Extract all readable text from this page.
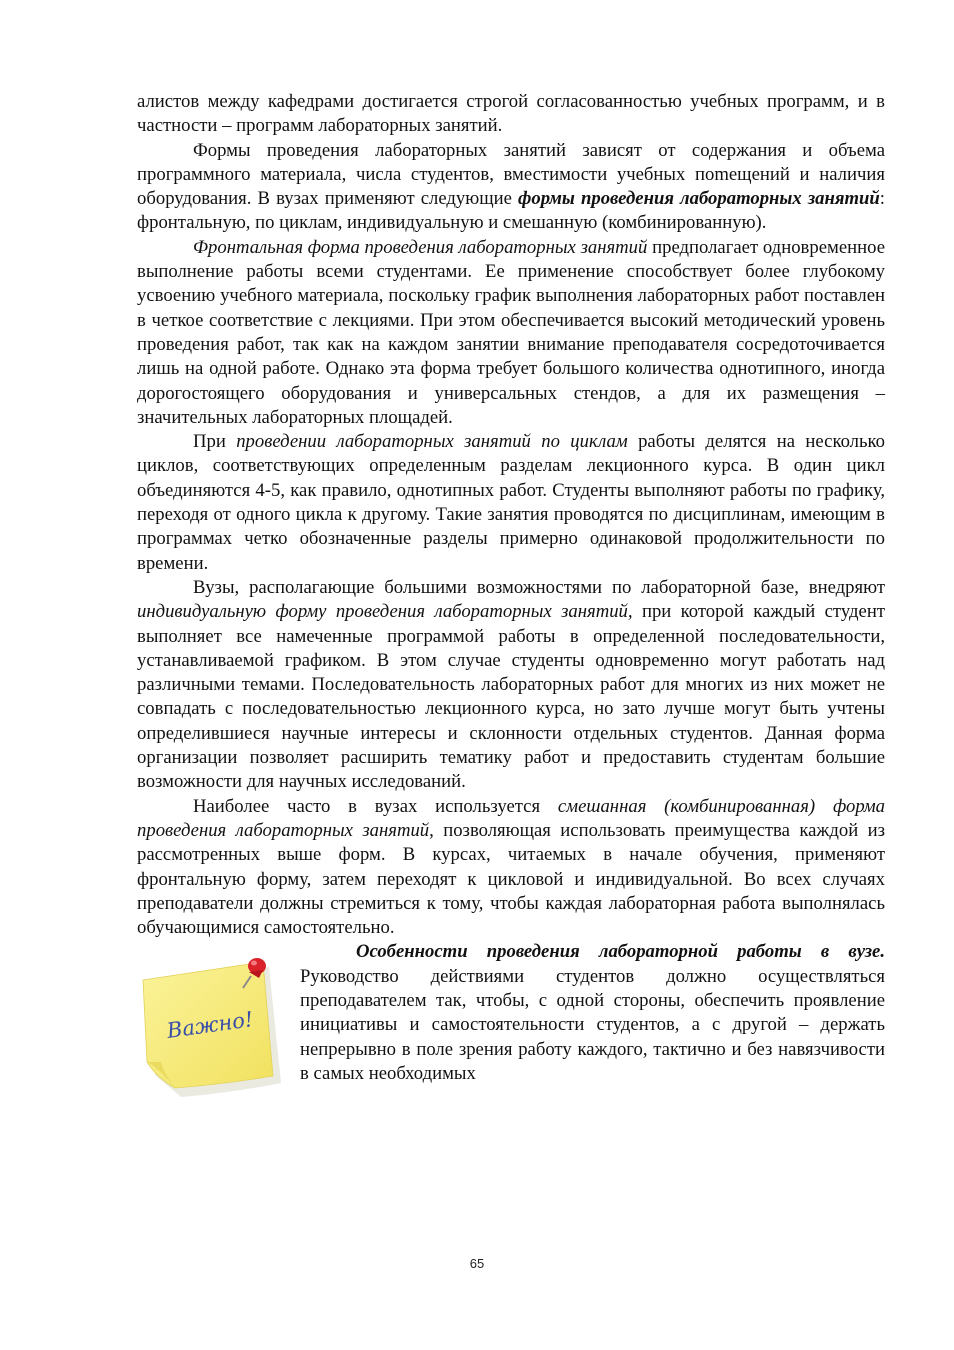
алистов между кафедрами достигается строгой согласованностью учебных программ, и в частности – программ лабораторных занятий.

Формы проведения лабораторных занятий зависят от содержания и объема программного материала, числа студентов, вместимости учебных поmещений и наличия оборудования. В вузах применяют следующие формы проведения лабораторных занятий: фронтальную, по циклам, индивидуальную и смешанную (комбинированную).

Фронтальная форма проведения лабораторных занятий предполагает одновременное выполнение работы всеми студентами. Ее применение способствует более глубокому усвоению учебного материала, поскольку график выполнения лабораторных работ поставлен в четкое соответствие с лекциями. При этом обеспечивается высокий методический уровень проведения работ, так как на каждом занятии внимание преподавателя сосредоточивается лишь на одной работе. Однако эта форма требует большого количества однотипного, иногда дорогостоящего оборудования и универсальных стендов, а для их размещения – значительных лабораторных площадей.

При проведении лабораторных занятий по циклам работы делятся на несколько циклов, соответствующих определенным разделам лекционного курса. В один цикл объединяются 4-5, как правило, однотипных работ. Студенты выполняют работы по графику, переходя от одного цикла к другому. Такие занятия проводятся по дисциплинам, имеющим в программах четко обозначенные разделы примерно одинаковой продолжительности по времени.

Вузы, располагающие большими возможностями по лабораторной базе, внедряют индивидуальную форму проведения лабораторных занятий, при которой каждый студент выполняет все намеченные программой работы в определенной последовательности, устанавливаемой графиком. В этом случае студенты одновременно могут работать над различными темами. Последовательность лабораторных работ для многих из них может не совпадать с последовательностью лекционного курса, но зато лучше могут быть учтены определившиеся научные интересы и склонности отдельных студентов. Данная форма организации позволяет расширить тематику работ и предоставить студентам большие возможности для научных исследований.

Наиболее часто в вузах используется смешанная (комбинированная) форма проведения лабораторных занятий, позволяющая использовать преимущества каждой из рассмотренных выше форм. В курсах, читаемых в начале обучения, применяют фронтальную форму, затем переходят к цикловой и индивидуальной. Во всех случаях преподаватели должны стремиться к тому, чтобы каждая лабораторная работа выполнялась обучающимися самостоятельно.

Важно!

Особенности проведения лабораторной работы в вузе. Руководство действиями студентов должно осуществляться преподавателем так, чтобы, с одной стороны, обеспечить проявление инициативы и самостоятельности студентов, а с другой – держать непрерывно в поле зрения работу каждого, тактично и без навязчивости в самых необходимых

65
